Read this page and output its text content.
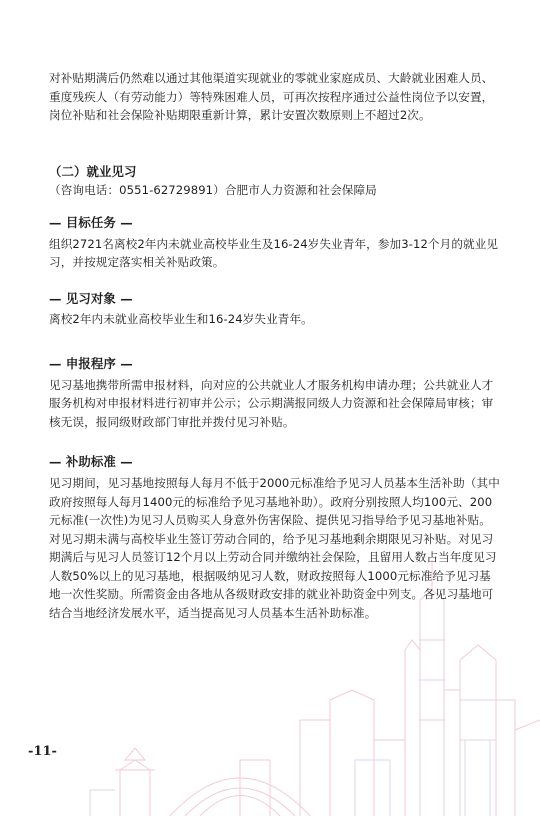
对补贴期满后仍然难以通过其他渠道实现就业的零就业家庭成员、大龄就业困难人员、重度残疾人（有劳动能力）等特殊困难人员，可再次按程序通过公益性岗位予以安置，岗位补贴和社会保险补贴期限重新计算，累计安置次数原则上不超过2次。

（二）就业见习

（咨询电话：0551-62729891）合肥市人力资源和社会保障局

— 目标任务 —

组织2721名离校2年内未就业高校毕业生及16-24岁失业青年，参加3-12个月的就业见习，并按规定落实相关补贴政策。

— 见习对象 —

离校2年内未就业高校毕业生和16-24岁失业青年。

— 申报程序 —

见习基地携带所需申报材料，向对应的公共就业人才服务机构申请办理；公共就业人才服务机构对申报材料进行初审并公示；公示期满报同级人力资源和社会保障局审核；审核无误，报同级财政部门审批并拨付见习补贴。

— 补助标准 —

见习期间，见习基地按照每人每月不低于2000元标准给予见习人员基本生活补助（其中政府按照每人每月1400元的标准给予见习基地补助）。政府分别按照人均100元、200元标准(一次性)为见习人员购买人身意外伤害保险、提供见习指导给予见习基地补贴。对见习期未满与高校毕业生签订劳动合同的，给予见习基地剩余期限见习补贴。对见习期满后与见习人员签订12个月以上劳动合同并缴纳社会保险，且留用人数占当年度见习人数50%以上的见习基地，根据吸纳见习人数，财政按照每人1000元标准给予见习基地一次性奖励。所需资金由各地从各级财政安排的就业补助资金中列支。各见习基地可结合当地经济发展水平，适当提高见习人员基本生活补助标准。

-11-
